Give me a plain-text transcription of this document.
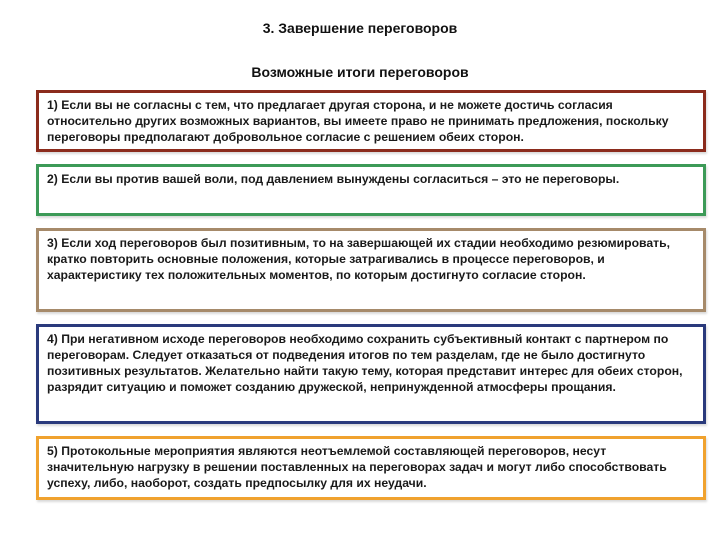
3. Завершение переговоров
Возможные итоги переговоров

1) Если вы не согласны с тем, что предлагает другая сторона, и не можете достичь согласия относительно других возможных вариантов, вы имеете право не принимать предложения, поскольку переговоры предполагают добровольное согласие с решением обеих сторон.

2) Если вы против вашей воли, под давлением вынуждены согласиться – это не переговоры.

3) Если ход переговоров был позитивным, то на завершающей их стадии необходимо резюмировать, кратко повторить основные положения, которые затрагивались в процессе переговоров, и характеристику тех положительных моментов, по которым достигнуто согласие сторон.

4) При негативном исходе переговоров необходимо сохранить субъективный контакт с партнером по переговорам. Следует отказаться от подведения итогов по тем разделам, где не было достигнуто позитивных результатов. Желательно найти такую тему, которая представит интерес для обеих сторон, разрядит ситуацию и поможет созданию дружеской, непринужденной атмосферы прощания.

5) Протокольные мероприятия являются неотъемлемой составляющей переговоров, несут значительную нагрузку в решении поставленных на переговорах задач и могут либо способствовать успеху, либо, наоборот, создать предпосылку для их неудачи.
